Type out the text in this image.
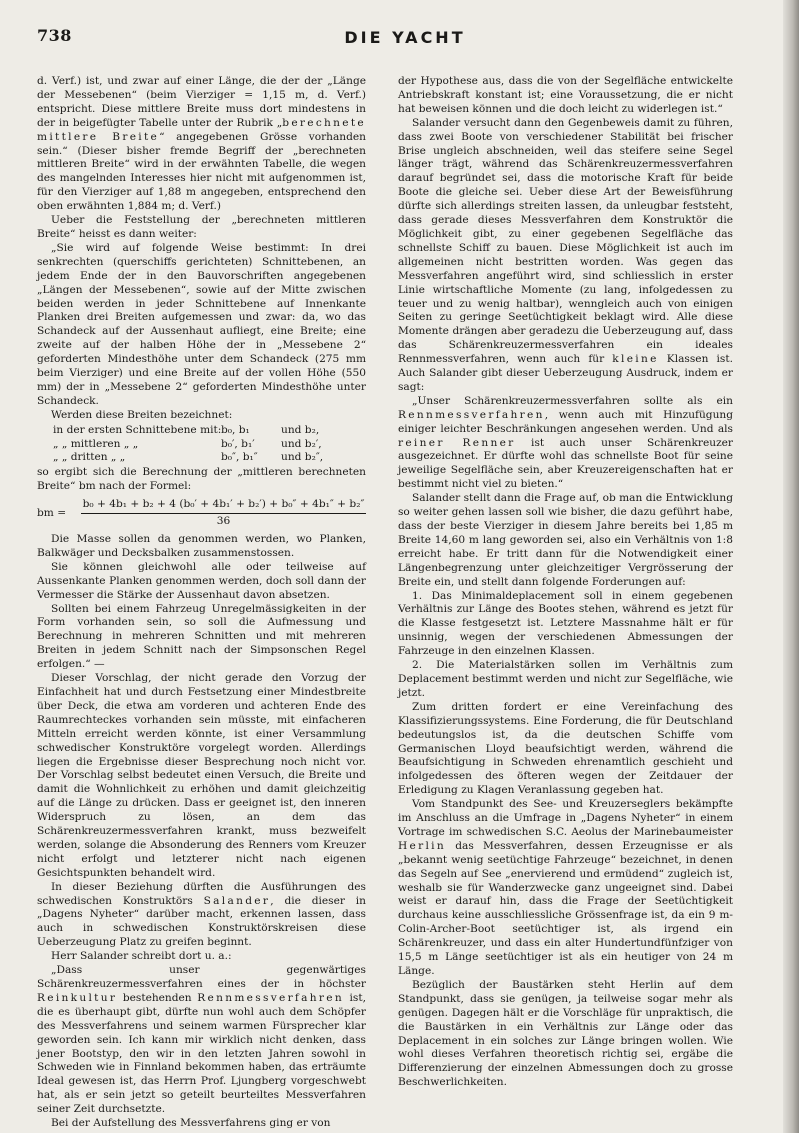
738	DIE YACHT

d. Verf.) ist, und zwar auf einer Länge, die der der „Länge der Messebenen“ (beim Vierziger = 1,15 m, d. Verf.) entspricht. Diese mittlere Breite muss dort mindestens in der in beigefügter Tabelle unter der Rubrik „berechnete mittlere Breite“ angegebenen Grösse vorhanden sein.“ (Dieser bisher fremde Begriff der „berechneten mittleren Breite“ wird in der erwähnten Tabelle, die wegen des mangelnden Interesses hier nicht mit aufgenommen ist, für den Vierziger auf 1,88 m angegeben, entsprechend den oben erwähnten 1,884 m; d. Verf.)

Ueber die Feststellung der „berechneten mittleren Breite“ heisst es dann weiter:

„Sie wird auf folgende Weise bestimmt: In drei senkrechten (querschiffs gerichteten) Schnittebenen, an jedem Ende der in den Bauvorschriften angegebenen „Längen der Messebenen“, sowie auf der Mitte zwischen beiden werden in jeder Schnittebene auf Innenkante Planken drei Breiten aufgemessen und zwar: da, wo das Schandeck auf der Aussenhaut aufliegt, eine Breite; eine zweite auf der halben Höhe der in „Messebene 2“ geforderten Mindesthöhe unter dem Schandeck (275 mm beim Vierziger) und eine Breite auf der vollen Höhe (550 mm) der in „Messebene 2“ geforderten Mindesthöhe unter Schandeck.

Werden diese Breiten bezeichnet:

in der ersten Schnittebene mit: b₀, b₁	und b₂,
„ „ mittleren „ „	b₀′, b₁′	und b₂′,
„ „ dritten „ „	b₀″, b₁″	und b₂″,

so ergibt sich die Berechnung der „mittleren berechneten Breite“ bm nach der Formel:

bm =	$\frac{\text{b₀ + 4b₁ + b₂ + 4 (b₀′ + 4b₁′ + b₂′) + b₀″ + 4b₁″ + b₂″}}{36}$

Die Masse sollen da genommen werden, wo Planken, Balkwäger und Decksbalken zusammenstossen.

Sie können gleichwohl alle oder teilweise auf Aussenkante Planken genommen werden, doch soll dann der Vermesser die Stärke der Aussenhaut davon absetzen.

Sollten bei einem Fahrzeug Unregelmässigkeiten in der Form vorhanden sein, so soll die Aufmessung und Berechnung in mehreren Schnitten und mit mehreren Breiten in jedem Schnitt nach der Simpsonschen Regel erfolgen.“ —

Dieser Vorschlag, der nicht gerade den Vorzug der Einfachheit hat und durch Festsetzung einer Mindestbreite über Deck, die etwa am vorderen und achteren Ende des Raumrechteckes vorhanden sein müsste, mit einfacheren Mitteln erreicht werden könnte, ist einer Versammlung schwedischer Konstruktöre vorgelegt worden. Allerdings liegen die Ergebnisse dieser Besprechung noch nicht vor. Der Vorschlag selbst bedeutet einen Versuch, die Breite und damit die Wohnlichkeit zu erhöhen und damit gleichzeitig auf die Länge zu drücken. Dass er geeignet ist, den inneren Widerspruch zu lösen, an dem das Schärenkreuzermessverfahren krankt, muss bezweifelt werden, solange die Absonderung des Renners vom Kreuzer nicht erfolgt und letzterer nicht nach eigenen Gesichtspunkten behandelt wird.

In dieser Beziehung dürften die Ausführungen des schwedischen Konstruktörs Salander, die dieser in „Dagens Nyheter“ darüber macht, erkennen lassen, dass auch in schwedischen Konstruktörskreisen diese Ueberzeugung Platz zu greifen beginnt.

Herr Salander schreibt dort u. a.:

„Dass unser gegenwärtiges Schärenkreuzermessverfahren eines der in höchster Reinkultur bestehenden Rennmessverfahren ist, die es überhaupt gibt, dürfte nun wohl auch dem Schöpfer des Messverfahrens und seinem warmen Fürsprecher klar geworden sein. Ich kann mir wirklich nicht denken, dass jener Bootstyp, den wir in den letzten Jahren sowohl in Schweden wie in Finnland bekommen haben, das erträumte Ideal gewesen ist, das Herrn Prof. Ljungberg vorgeschwebt hat, als er sein jetzt so geteilt beurteiltes Messverfahren seiner Zeit durchsetzte.

Bei der Aufstellung des Messverfahrens ging er von

der Hypothese aus, dass die von der Segelfläche entwickelte Antriebskraft konstant ist; eine Voraussetzung, die er nicht hat beweisen können und die doch leicht zu widerlegen ist.“

Salander versucht dann den Gegenbeweis damit zu führen, dass zwei Boote von verschiedener Stabilität bei frischer Brise ungleich abschneiden, weil das steifere seine Segel länger trägt, während das Schärenkreuzermessverfahren darauf begründet sei, dass die motorische Kraft für beide Boote die gleiche sei. Ueber diese Art der Beweisführung dürfte sich allerdings streiten lassen, da unleugbar feststeht, dass gerade dieses Messverfahren dem Konstruktör die Möglichkeit gibt, zu einer gegebenen Segelfläche das schnellste Schiff zu bauen. Diese Möglichkeit ist auch im allgemeinen nicht bestritten worden. Was gegen das Messverfahren angeführt wird, sind schliesslich in erster Linie wirtschaftliche Momente (zu lang, infolgedessen zu teuer und zu wenig haltbar), wenngleich auch von einigen Seiten zu geringe Seetüchtigkeit beklagt wird. Alle diese Momente drängen aber geradezu die Ueberzeugung auf, dass das Schärenkreuzermessverfahren ein ideales Rennmessverfahren, wenn auch für kleine Klassen ist. Auch Salander gibt dieser Ueberzeugung Ausdruck, indem er sagt:

„Unser Schärenkreuzermessverfahren sollte als ein Rennmessverfahren, wenn auch mit Hinzufügung einiger leichter Beschränkungen angesehen werden. Und als reiner Renner ist auch unser Schärenkreuzer ausgezeichnet. Er dürfte wohl das schnellste Boot für seine jeweilige Segelfläche sein, aber Kreuzereigenschaften hat er bestimmt nicht viel zu bieten.“

Salander stellt dann die Frage auf, ob man die Entwicklung so weiter gehen lassen soll wie bisher, die dazu geführt habe, dass der beste Vierziger in diesem Jahre bereits bei 1,85 m Breite 14,60 m lang geworden sei, also ein Verhältnis von 1:8 erreicht habe. Er tritt dann für die Notwendigkeit einer Längenbegrenzung unter gleichzeitiger Vergrösserung der Breite ein, und stellt dann folgende Forderungen auf:

1. Das Minimaldeplacement soll in einem gegebenen Verhältnis zur Länge des Bootes stehen, während es jetzt für die Klasse festgesetzt ist. Letztere Massnahme hält er für unsinnig, wegen der verschiedenen Abmessungen der Fahrzeuge in den einzelnen Klassen.

2. Die Materialstärken sollen im Verhältnis zum Deplacement bestimmt werden und nicht zur Segelfläche, wie jetzt.

Zum dritten fordert er eine Vereinfachung des Klassifizierungssystems. Eine Forderung, die für Deutschland bedeutungslos ist, da die deutschen Schiffe vom Germanischen Lloyd beaufsichtigt werden, während die Beaufsichtigung in Schweden ehrenamtlich geschieht und infolgedessen des öfteren wegen der Zeitdauer der Erledigung zu Klagen Veranlassung gegeben hat.

Vom Standpunkt des See- und Kreuzerseglers bekämpfte im Anschluss an die Umfrage in „Dagens Nyheter“ in einem Vortrage im schwedischen S.C. Aeolus der Marinebaumeister Herlin das Messverfahren, dessen Erzeugnisse er als „bekannt wenig seetüchtige Fahrzeuge“ bezeichnet, in denen das Segeln auf See „enervierend und ermüdend“ zugleich ist, weshalb sie für Wanderzwecke ganz ungeeignet sind. Dabei weist er darauf hin, dass die Frage der Seetüchtigkeit durchaus keine ausschliessliche Grössenfrage ist, da ein 9 m-Colin-Archer-Boot seetüchtiger ist, als irgend ein Schärenkreuzer, und dass ein alter Hundertundfünfziger von 15,5 m Länge seetüchtiger ist als ein heutiger von 24 m Länge.

Bezüglich der Baustärken steht Herlin auf dem Standpunkt, dass sie genügen, ja teilweise sogar mehr als genügen. Dagegen hält er die Vorschläge für unpraktisch, die die Baustärken in ein Verhältnis zur Länge oder das Deplacement in ein solches zur Länge bringen wollen. Wie wohl dieses Verfahren theoretisch richtig sei, ergäbe die Differenzierung der einzelnen Abmessungen doch zu grosse Beschwerlichkeiten.
